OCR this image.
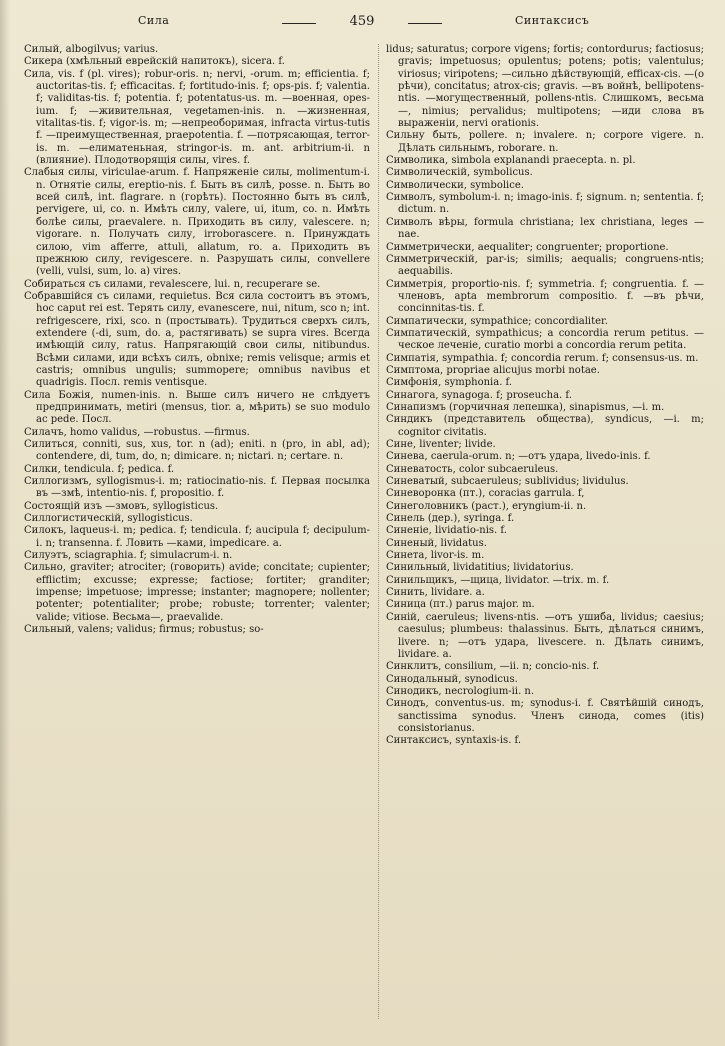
Сила	459	Синтаксисъ

Силый, albogilvus; varius.

Сикера (хмѣльный еврейскій напитокъ), sicera. f.

Сила, vis. f (pl. vires); robur-oris. n; nervi, -orum. m; efficientia. f; auctoritas-tis. f; efficacitas. f; fortitudo-inis. f; ops-pis. f; valentia. f; validitas-tis. f; potentia. f; potentatus-us. m. —военная, opes-ium. f; —живительная, vegetamen-inis. n. —жизненная, vitalitas-tis. f; vigor-is. m; —непреоборимая, infracta virtus-tutis f. —преимущественная, praepotentia. f. —потрясающая, terror-is. m. —елиматеньная, stringor-is. m. ant. arbitrium-ii. n (влияние). Плодотворящія силы, vires. f.

Слабыя силы, viriculae-arum. f. Напряженіе силы, molimentum-i. n. Отнятіе силы, ereptio-nis. f. Быть въ силѣ, posse. n. Быть во всей силѣ, int. flagrare. n (горѣть). Постоянно быть въ силѣ, pervigere, ui, co. n. Имѣть силу, valere, ui, itum, co. n. Имѣть болѣе силы, praevalere. n. Приходить въ силу, valescere. n; vigorare. n. Получать силу, irroborascere. n. Принуждать силою, vim afferre, attuli, allatum, ro. a. Приходить въ прежнюю силу, revigescere. n. Разрушать силы, convellere (velli, vulsi, sum, lo. a) vires.

Собираться съ силами, revalescere, lui. n, recuperare se.

Собравшійся съ силами, requietus. Вся сила состоитъ въ этомъ, hoc caput rei est. Терять силу, evanescere, nui, nitum, sco n; int. refrigescere, rixi, sco. n (простывать). Трудиться сверхъ силъ, extendere (-di, sum, do. a, растягивать) se supra vires. Всегда имѣющій силу, ratus. Напрягающій свои силы, nitibundus. Всѣми силами, иди всѣхъ силъ, obnixe; remis velisque; armis et castris; omnibus ungulis; summopere; omnibus navibus et quadrigis. Посл. remis ventisque.

Сила Божія, numen-inis. n. Выше силъ ничего не слѣдуетъ предпринимать, metiri (mensus, tior. a, мѣрить) se suo modulo ac pede. Посл.

Силачъ, homo validus, —robustus. —firmus.

Силиться, conniti, sus, xus, tor. n (ad); eniti. n (pro, in abl, ad); contendere, di, tum, do, n; dimicare. n; nictari. n; certare. n.

Силки, tendicula. f; pedica. f.

Силлогизмъ, syllogismus-i. m; ratiocinatio-nis. f. Первая посылка въ —змѣ, intentio-nis. f, propositio. f.

Состоящій изъ —змовъ, syllogisticus.

Силлогистическій, syllogisticus.

Силокъ, laqueus-i. m; pedica. f; tendicula. f; aucipula f; decipulum-i. n; transenna. f. Ловить —ками, impedicare. a.

Силуэтъ, sciagraphia. f; simulacrum-i. n.

Сильно, graviter; atrociter; (говорить) avide; concitate; cupienter; efflictim; excusse; expresse; factiose; fortiter; granditer; impense; impetuose; impresse; instanter; magnopere; nollenter; potenter; potentialiter; probe; robuste; torrenter; valenter; valide; vitiose. Весьма—, praevalide.

Сильный, valens; validus; firmus; robustus; so-

lidus; saturatus; corpore vigens; fortis; contordurus; factiosus; gravis; impetuosus; opulentus; potens; potis; valentulus; viriosus; viripotens; —сильно дѣйствующій, efficax-cis. —(о рѣчи), concitatus; atrox-cis; gravis. —въ войнѣ, bellipotens-ntis. —могущественный, pollens-ntis. Слишкомъ, весьма —, nimius; pervalidus; multipotens; —иди слова въ выраженіи, nervi orationis.

Сильну быть, pollere. n; invalere. n; corpore vigere. n. Дѣлать сильнымъ, roborare. n.

Символика, simbola explanandi praecepta. n. pl.

Символическій, symbolicus.

Символически, symbolice.

Символъ, symbolum-i. n; imago-inis. f; signum. n; sententia. f; dictum. n.

Символъ вѣры, formula christiana; lex christiana, leges —nae.

Симметрически, aequaliter; congruenter; proportione.

Симметрическій, par-is; similis; aequalis; congruens-ntis; aequabilis.

Симметрія, proportio-nis. f; symmetria. f; congruentia. f. —членовъ, apta membrorum compositio. f. —въ рѣчи, concinnitas-tis. f.

Симпатически, sympathice; concordialiter.

Симпатическій, sympathicus; a concordia rerum petitus. —ческое леченіе, curatio morbi a concordia rerum petita.

Симпатія, sympathia. f; concordia rerum. f; consensus-us. m.

Симптома, propriae alicujus morbi notae.

Симфонія, symphonia. f.

Синагога, synagoga. f; proseucha. f.

Синапизмъ (горчичная лепешка), sinapismus, —i. m.

Синдикъ (представитель общества), syndicus, —i. m; cognitor civitatis.

Сине, liventer; livide.

Синева, caerula-orum. n; —отъ удара, livedo-inis. f.

Синеватость, color subcaeruleus.

Синеватый, subcaeruleus; sublividus; lividulus.

Синеворонка (пт.), coracias garrula. f,

Синеголовникъ (раст.), eryngium-ii. n.

Синель (дер.), syringa. f.

Синеніе, lividatio-nis. f.

Синеный, lividatus.

Синета, livor-is. m.

Синильный, lividatitius; lividatorius.

Синильщикъ, —щица, lividator. —trix. m. f.

Синить, lividare. a.

Синица (пт.) parus major. m.

Синій, caeruleus; livens-ntis. —отъ ушиба, lividus; caesius; caesulus; plumbeus: thalassinus. Быть, дѣлаться синимъ, livere. n; —отъ удара, livescere. n. Дѣлать синимъ, lividare. a.

Синклитъ, consilium, —ii. n; concio-nis. f.

Синодальный, synodicus.

Синодикъ, necrologium-ii. n.

Синодъ, conventus-us. m; synodus-i. f. Святѣйшій синодъ, sanctissima synodus. Членъ синода, comes (itis) consistorianus.

Синтаксисъ, syntaxis-is. f.
